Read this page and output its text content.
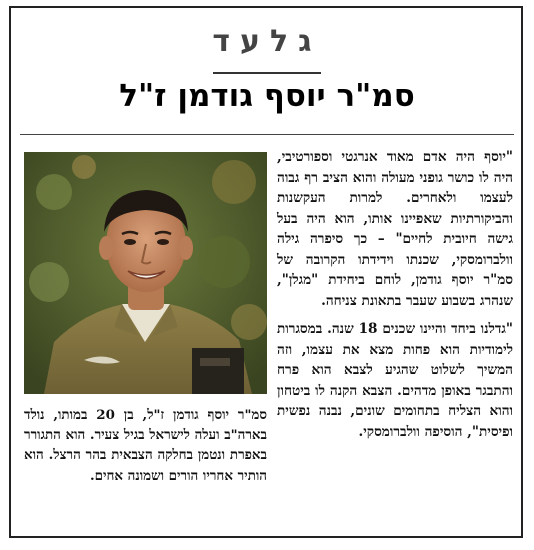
גלעד
סמ"ר יוסף גודמן ז"ל

"יוסף היה אדם מאוד אנרגטי וספורטיבי, היה לו כושר גופני מעולה והוא הציב רף גבוה לעצמו ולאחרים. למרות העקשנות והביקורתיות שאפיינו אותו, הוא היה בעל גישה חיובית לחיים" – כך סיפרה גילה וולברומסקי, שכנתו וידידתו הקרובה של סמ"ר יוסף גודמן, לוחם ביחידת "מגלן", שנהרג בשבוע שעבר בתאונת צניחה.

"גדלנו ביחד והיינו שכנים 18 שנה. במסגרות לימודיות הוא פחות מצא את עצמו, וזה המשיך לשלוט שהגיע לצבא הוא פרח והתבגר באופן מדהים. הצבא הקנה לו ביטחון והוא הצליח בתחומים שונים, נבנה נפשית ופיסית", הוסיפה וולברומסקי.

סמ"ר יוסף גודמן ז"ל, בן 20 במותו, נולד בארה"ב ועלה לישראל בגיל צעיר. הוא התגורר באפרת ונטמן בחלקה הצבאית בהר הרצל. הוא הותיר אחריו הורים ושמונה אחים.
